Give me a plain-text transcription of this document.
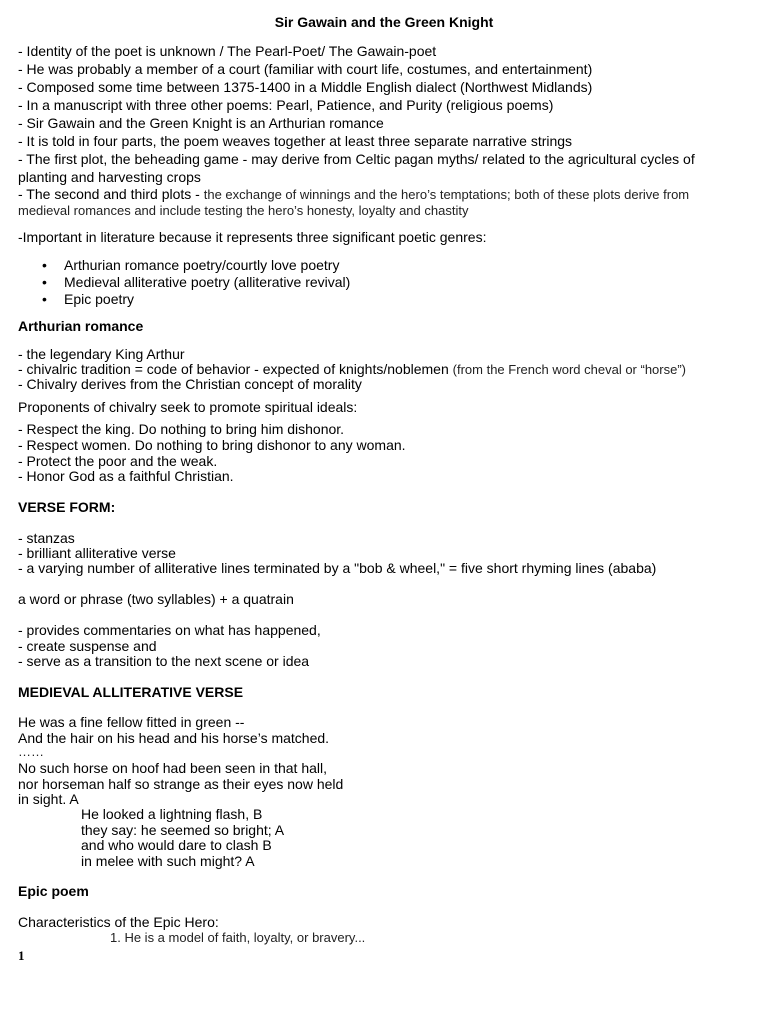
Sir Gawain and the Green Knight
- Identity of the poet is unknown / The Pearl-Poet/ The Gawain-poet
- He was probably a member of a court (familiar with court life, costumes, and entertainment)
- Composed some time between 1375-1400 in a Middle English dialect (Northwest Midlands)
- In a manuscript with three other poems: Pearl, Patience, and Purity (religious poems)
- Sir Gawain and the Green Knight is an Arthurian romance
- It is told in four parts, the poem weaves together at least three separate narrative strings
- The first plot, the beheading game - may derive from Celtic pagan myths/ related to the agricultural cycles of
planting and harvesting crops
- The second and third plots - the exchange of winnings and the hero’s temptations; both of these plots derive from
medieval romances and include testing the hero’s honesty, loyalty and chastity
-Important in literature because it represents three significant poetic genres:
• Arthurian romance poetry/courtly love poetry
• Medieval alliterative poetry (alliterative revival)
• Epic poetry
Arthurian romance
- the legendary King Arthur
- chivalric tradition = code of behavior - expected of knights/noblemen (from the French word cheval or “horse”)
- Chivalry derives from the Christian concept of morality
Proponents of chivalry seek to promote spiritual ideals:
- Respect the king. Do nothing to bring him dishonor.
- Respect women. Do nothing to bring dishonor to any woman.
- Protect the poor and the weak.
- Honor God as a faithful Christian.
VERSE FORM:
- stanzas
- brilliant alliterative verse
- a varying number of alliterative lines terminated by a "bob & wheel," = five short rhyming lines (ababa)
a word or phrase (two syllables) + a quatrain
- provides commentaries on what has happened,
- create suspense and
- serve as a transition to the next scene or idea
MEDIEVAL ALLITERATIVE VERSE
He was a fine fellow fitted in green --
And the hair on his head and his horse’s matched.
……
No such horse on hoof had been seen in that hall,
nor horseman half so strange as their eyes now held
in sight. A
He looked a lightning flash, B
they say: he seemed so bright; A
and who would dare to clash B
in melee with such might? A
Epic poem
Characteristics of the Epic Hero:
1. He is a model of faith, loyalty, or bravery...
1
